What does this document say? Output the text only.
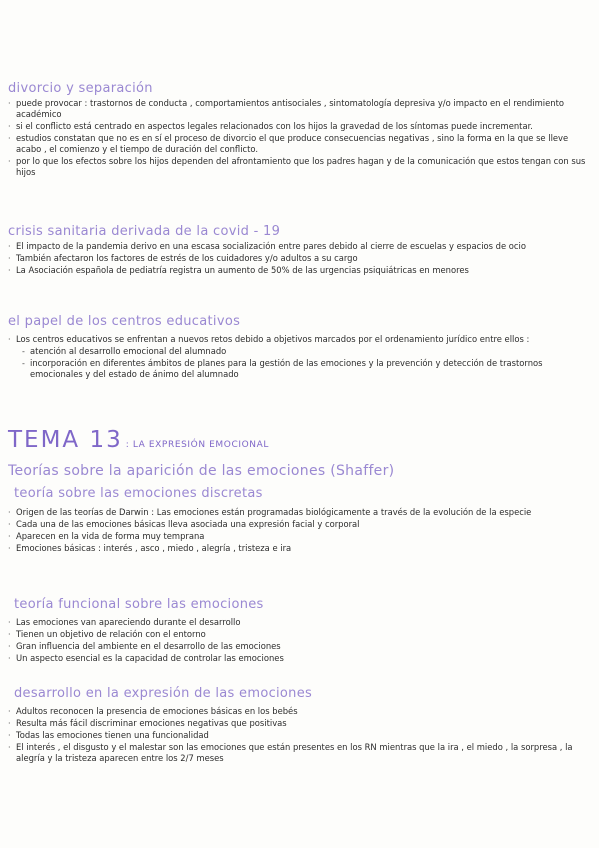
divorcio y separación
· puede provocar : trastornos de conducta , comportamientos antisociales , sintomatología depresiva y/o impacto en el rendimiento académico
· si el conflicto está centrado en aspectos legales relacionados con los hijos la gravedad de los síntomas puede incrementar.
· estudios constatan que no es en sí el proceso de divorcio el que produce consecuencias negativas , sino la forma en la que se lleve acabo , el comienzo y el tiempo de duración del conflicto.
· por lo que los efectos sobre los hijos dependen del afrontamiento que los padres hagan y de la comunicación que estos tengan con sus hijos
crisis sanitaria derivada de la covid - 19
· El impacto de la pandemia derivo en una escasa socialización entre pares debido al cierre de escuelas y espacios de ocio
· También afectaron los factores de estrés de los cuidadores y/o adultos a su cargo
· La Asociación española de pediatría registra un aumento de 50% de las urgencias psiquiátricas en menores
el papel de los centros educativos
· Los centros educativos se enfrentan a nuevos retos debido a objetivos marcados por el ordenamiento jurídico entre ellos :
- atención al desarrollo emocional del alumnado
- incorporación en diferentes ámbitos de planes para la gestión de las emociones y la prevención y detección de trastornos emocionales y del estado de ánimo del alumnado
TEMA 13 : LA EXPRESIÓN EMOCIONAL
Teorías sobre la aparición de las emociones (Shaffer)
teoría sobre las emociones discretas
· Origen de las teorías de Darwin : Las emociones están programadas biológicamente a través de la evolución de la especie
· Cada una de las emociones básicas lleva asociada una expresión facial y corporal
· Aparecen en la vida de forma muy temprana
· Emociones básicas : interés , asco , miedo , alegría , tristeza e ira
teoría funcional sobre las emociones
· Las emociones van apareciendo durante el desarrollo
· Tienen un objetivo de relación con el entorno
· Gran influencia del ambiente en el desarrollo de las emociones
· Un aspecto esencial es la capacidad de controlar las emociones
desarrollo en la expresión de las emociones
· Adultos reconocen la presencia de emociones básicas en los bebés
· Resulta más fácil discriminar emociones negativas que positivas
· Todas las emociones tienen una funcionalidad
· El interés , el disgusto y el malestar son las emociones que están presentes en los RN mientras que la ira , el miedo , la sorpresa , la alegría y la tristeza aparecen entre los 2/7 meses
